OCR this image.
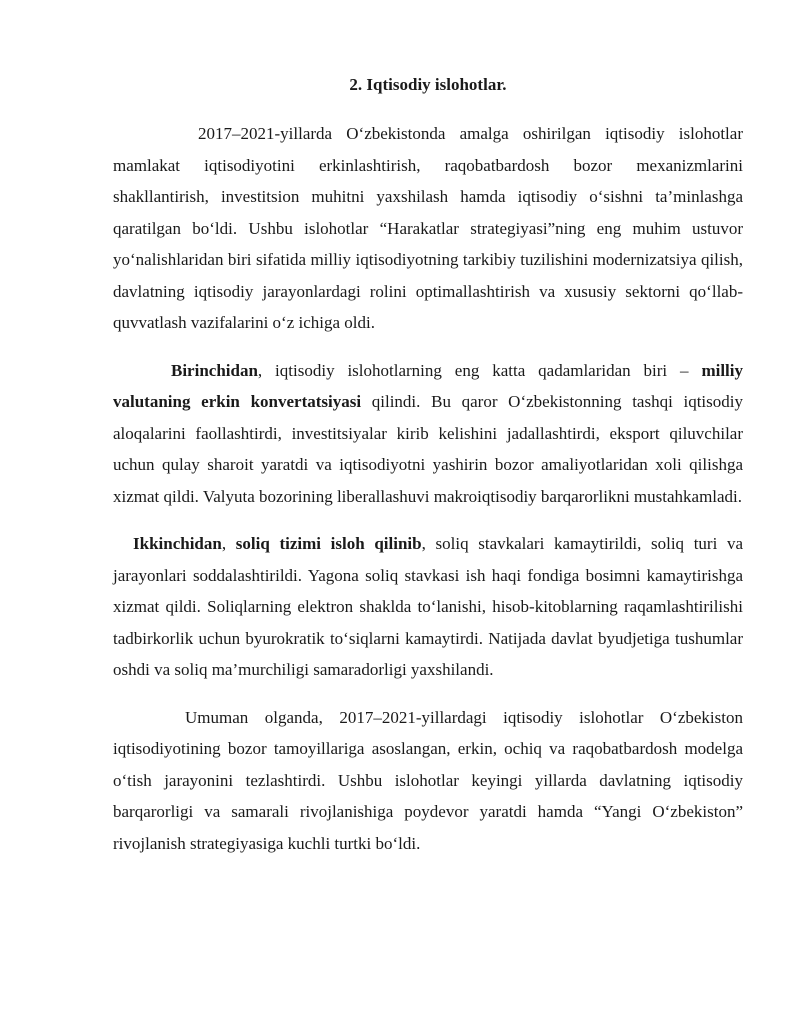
2. Iqtisodiy islohotlar.

2017–2021-yillarda O‘zbekistonda amalga oshirilgan iqtisodiy islohotlar mamlakat iqtisodiyotini erkinlashtirish, raqobatbardosh bozor mexanizmlarini shakllantirish, investitsion muhitni yaxshilash hamda iqtisodiy o‘sishni ta’minlashga qaratilgan bo‘ldi. Ushbu islohotlar “Harakatlar strategiyasi”ning eng muhim ustuvor yo‘nalishlaridan biri sifatida milliy iqtisodiyotning tarkibiy tuzilishini modernizatsiya qilish, davlatning iqtisodiy jarayonlardagi rolini optimallashtirish va xususiy sektorni qo‘llab-quvvatlash vazifalarini o‘z ichiga oldi.

Birinchidan, iqtisodiy islohotlarning eng katta qadamlaridan biri – milliy valutaning erkin konvertatsiyasi qilindi. Bu qaror O‘zbekistonning tashqi iqtisodiy aloqalarini faollashtirdi, investitsiyalar kirib kelishini jadallashtirdi, eksport qiluvchilar uchun qulay sharoit yaratdi va iqtisodiyotni yashirin bozor amaliyotlaridan xoli qilishga xizmat qildi. Valyuta bozorining liberallashuvi makroiqtisodiy barqarorlikni mustahkamladi.

Ikkinchidan, soliq tizimi isloh qilinib, soliq stavkalari kamaytirildi, soliq turi va jarayonlari soddalashtirildi. Yagona soliq stavkasi ish haqi fondiga bosimni kamaytirishga xizmat qildi. Soliqlarning elektron shaklda to‘lanishi, hisob-kitoblarning raqamlashtirilishi tadbirkorlik uchun byurokratik to‘siqlarni kamaytirdi. Natijada davlat byudjetiga tushumlar oshdi va soliq ma’murchiligi samaradorligi yaxshilandi.

Umuman olganda, 2017–2021-yillardagi iqtisodiy islohotlar O‘zbekiston iqtisodiyotining bozor tamoyillariga asoslangan, erkin, ochiq va raqobatbardosh modelga o‘tish jarayonini tezlashtirdi. Ushbu islohotlar keyingi yillarda davlatning iqtisodiy barqarorligi va samarali rivojlanishiga poydevor yaratdi hamda “Yangi O‘zbekiston” rivojlanish strategiyasiga kuchli turtki bo‘ldi.
